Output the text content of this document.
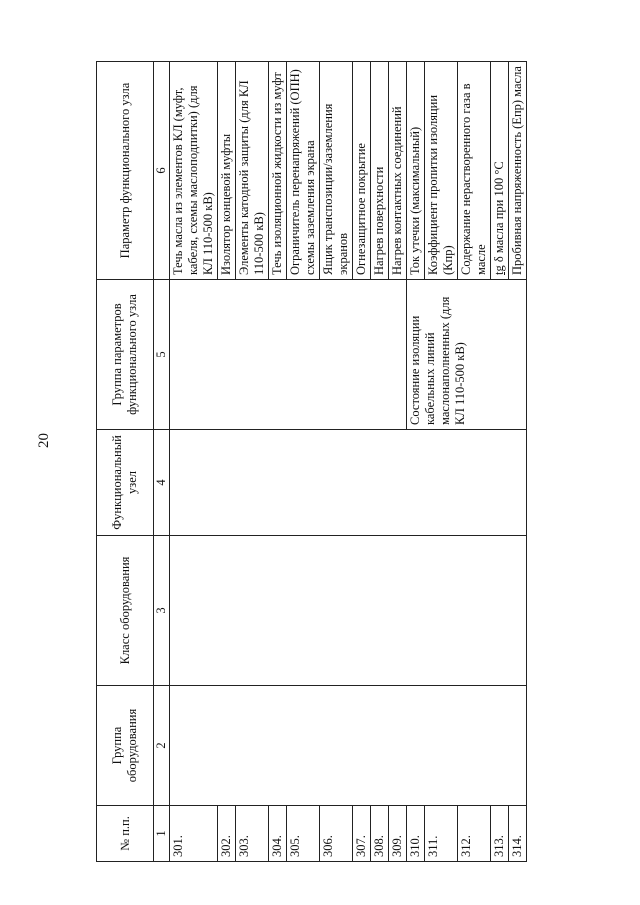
20
№ п.п.	Группа оборудования	Класс оборудования	Функциональный узел	Группа параметров функционального узла	Параметр функционального узла
1	2	3	4	5	6
301.					Течь масла из элементов КЛ (муфт, кабеля, схемы маслоподпитки) (для КЛ 110-500 кВ)
302.					Изолятор концевой муфты
303.					Элементы катодной защиты (для КЛ 110-500 кВ)
304.					Течь изоляционной жидкости из муфт
305.					Ограничитель перенапряжений (ОПН) схемы заземления экрана
306.					Ящик транспозиции/заземления экранов
307.					Огнезащитное покрытие
308.					Нагрев поверхности
309.					Нагрев контактных соединений
310.				Состояние изоляции кабельных линий маслонаполненных (для КЛ 110-500 кВ)	Ток утечки (максимальный)
311.					Коэффициент пропитки изоляции (Кпр)
312.					Содержание нерастворенного газа в масле
313.					tg δ масла при 100 °С
314.					Пробивная напряженность (Епр) масла
